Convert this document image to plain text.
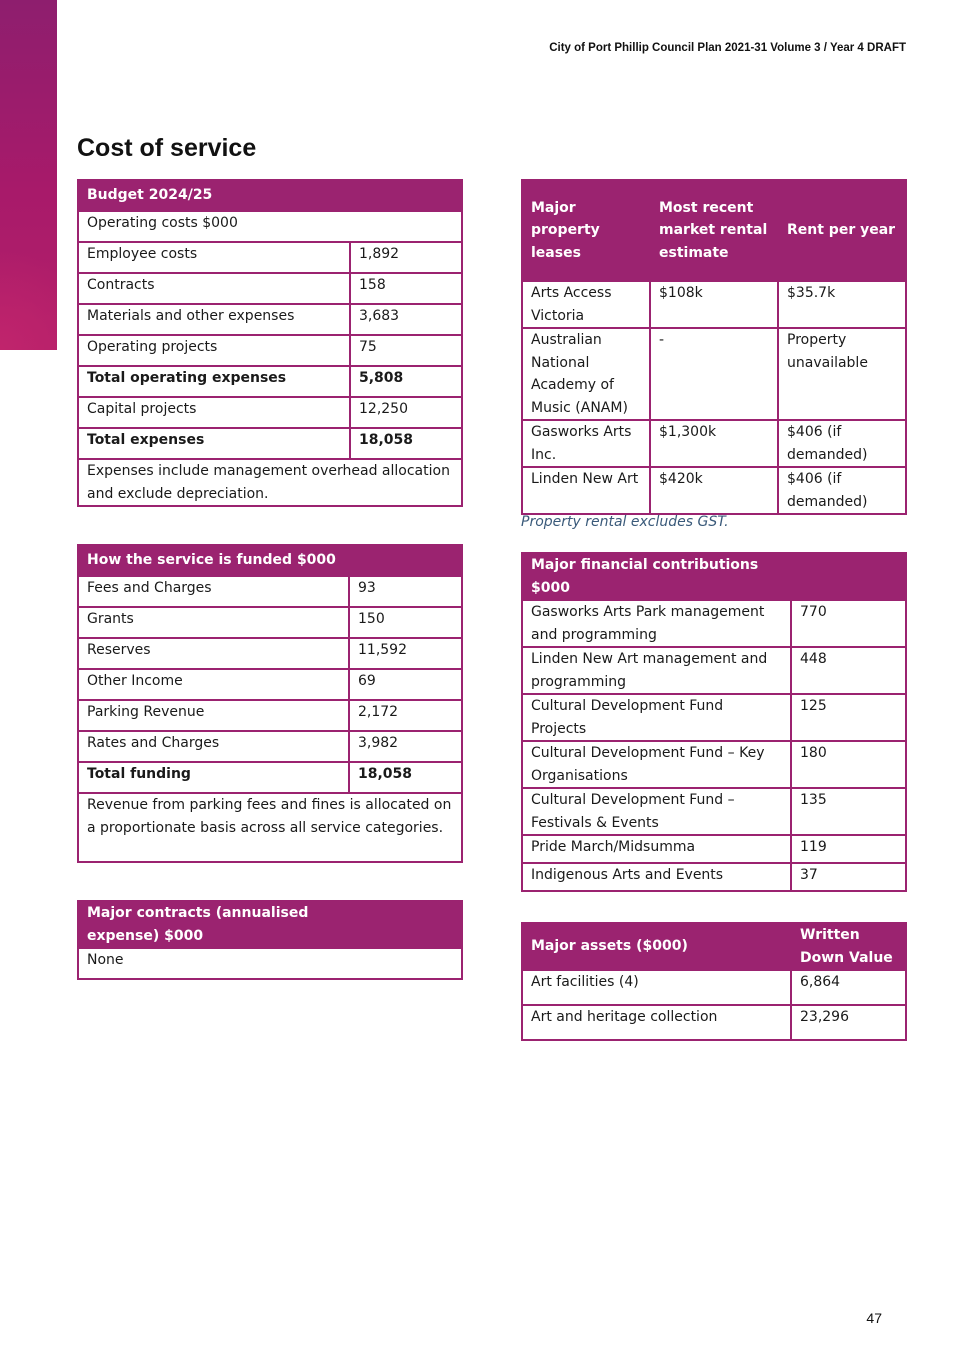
City of Port Phillip Council Plan 2021-31 Volume 3 / Year 4 DRAFT
Cost of service
Budget 2024/25	
Operating costs $000	
Employee costs	1,892
Contracts	158
Materials and other expenses	3,683
Operating projects	75
Total operating expenses	5,808
Capital projects	12,250
Total expenses	18,058
Expenses include management overhead allocation and exclude depreciation.	
How the service is funded $000	
Fees and Charges	93
Grants	150
Reserves	11,592
Other Income	69
Parking Revenue	2,172
Rates and Charges	3,982
Total funding	18,058
Revenue from parking fees and fines is allocated on a proportionate basis across all service categories.	
Major contracts (annualised expense) $000	
None
Major property leases	Most recent market rental estimate	Rent per year
Arts Access Victoria	$108k	$35.7k
Australian National Academy of Music (ANAM)	-	Property unavailable
Gasworks Arts Inc.	$1,300k	$406 (if demanded)
Linden New Art	$420k	$406 (if demanded)
Property rental excludes GST.
Major financial contributions $000	
Gasworks Arts Park management and programming	770
Linden New Art management and programming	448
Cultural Development Fund Projects	125
Cultural Development Fund – Key Organisations	180
Cultural Development Fund – Festivals & Events	135
Pride March/Midsumma	119
Indigenous Arts and Events	37
Major assets ($000)	Written Down Value
Art facilities (4)	6,864
Art and heritage collection	23,296
47
